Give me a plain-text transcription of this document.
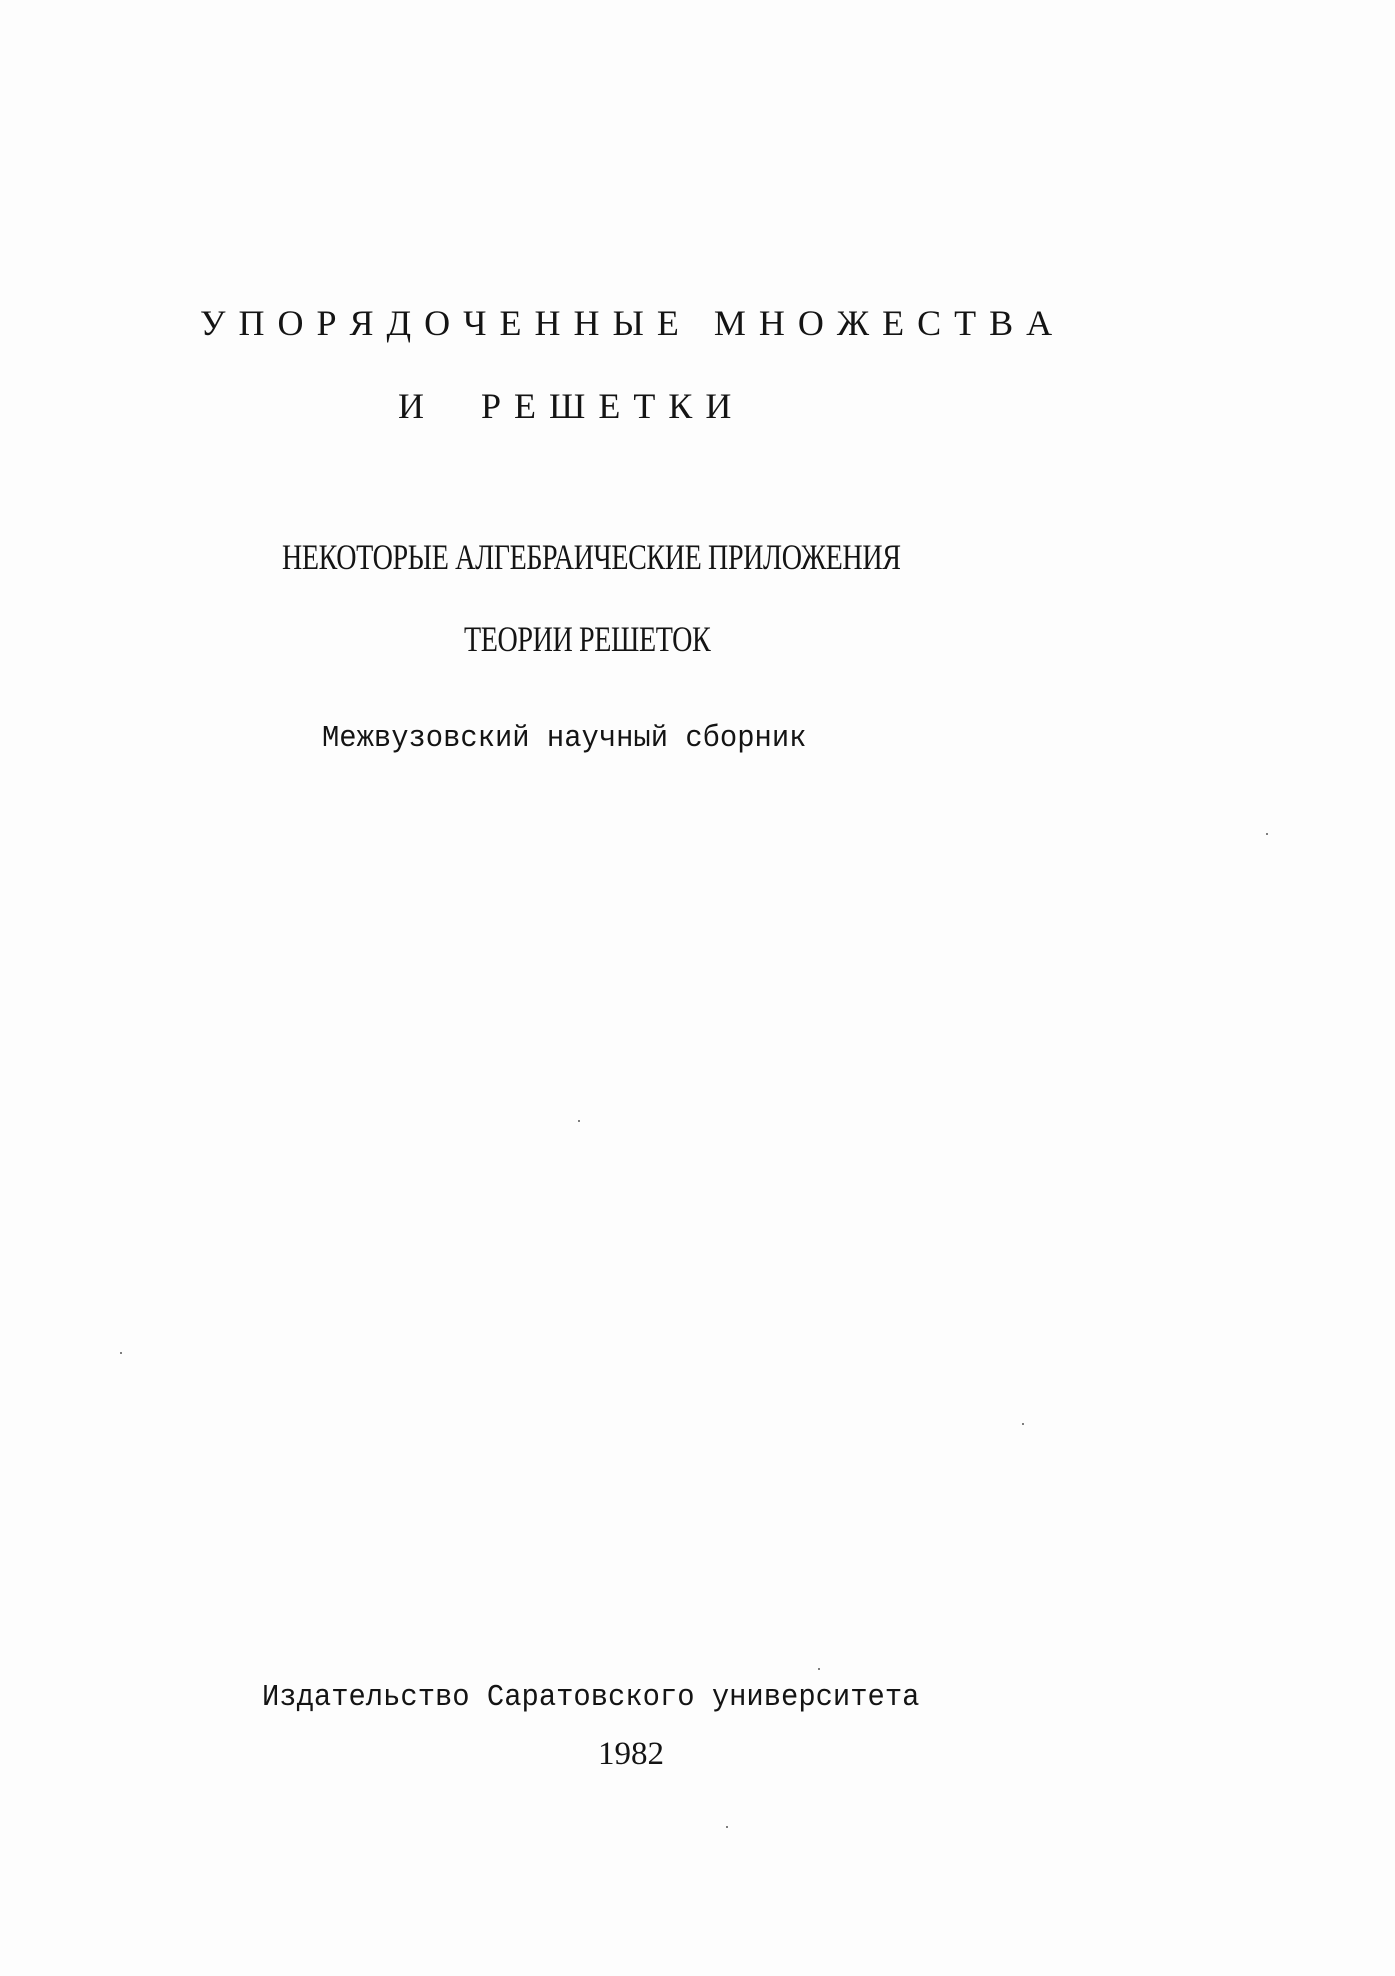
У П О Р Я Д О Ч Е Н Н Ы Е   М Н О Ж Е С Т В А

И     Р Е Ш Е Т К И

НЕКОТОРЫЕ АЛГЕБРАИЧЕСКИЕ ПРИЛОЖЕНИЯ

ТЕОРИИ РЕШЕТОК

Межвузовский научный сборник

Издательство Саратовского университета

1982
